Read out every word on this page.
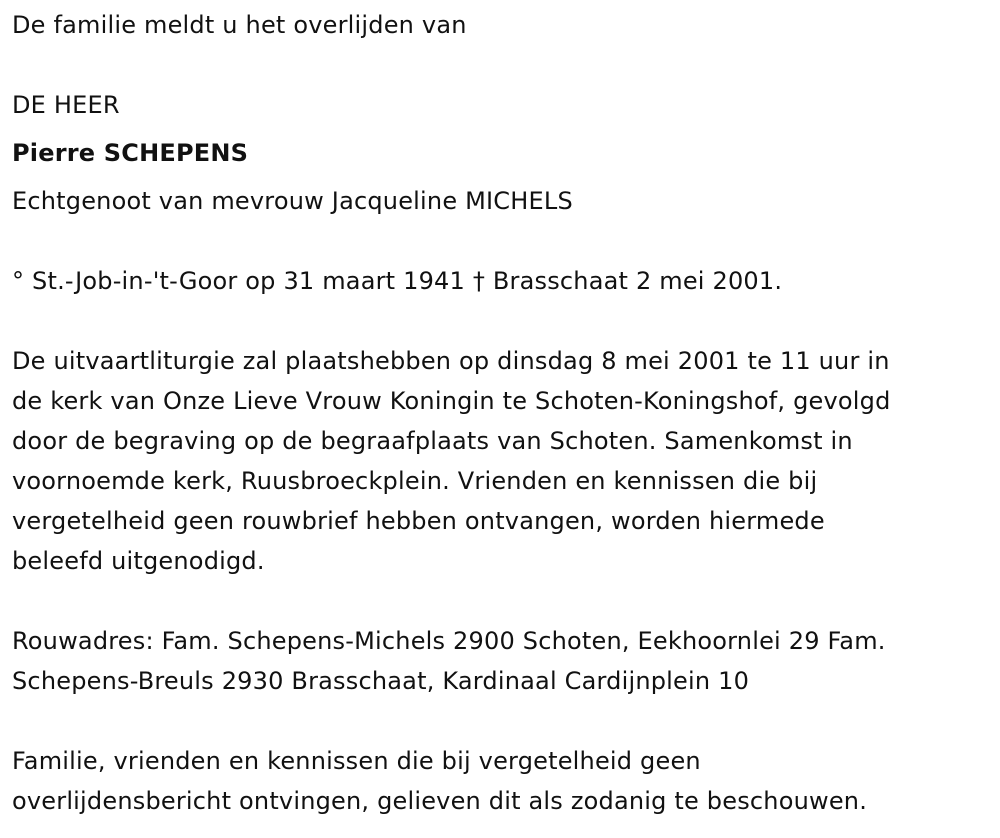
De familie meldt u het overlijden van
DE HEER
Pierre SCHEPENS
Echtgenoot van mevrouw Jacqueline MICHELS
° St.-Job-in-'t-Goor op 31 maart 1941 † Brasschaat 2 mei 2001.
De uitvaartliturgie zal plaatshebben op dinsdag 8 mei 2001 te 11 uur in
de kerk van Onze Lieve Vrouw Koningin te Schoten-Koningshof, gevolgd
door de begraving op de begraafplaats van Schoten. Samenkomst in
voornoemde kerk, Ruusbroeckplein. Vrienden en kennissen die bij
vergetelheid geen rouwbrief hebben ontvangen, worden hiermede
beleefd uitgenodigd.
Rouwadres: Fam. Schepens-Michels 2900 Schoten, Eekhoornlei 29 Fam.
Schepens-Breuls 2930 Brasschaat, Kardinaal Cardijnplein 10
Familie, vrienden en kennissen die bij vergetelheid geen
overlijdensbericht ontvingen, gelieven dit als zodanig te beschouwen.
